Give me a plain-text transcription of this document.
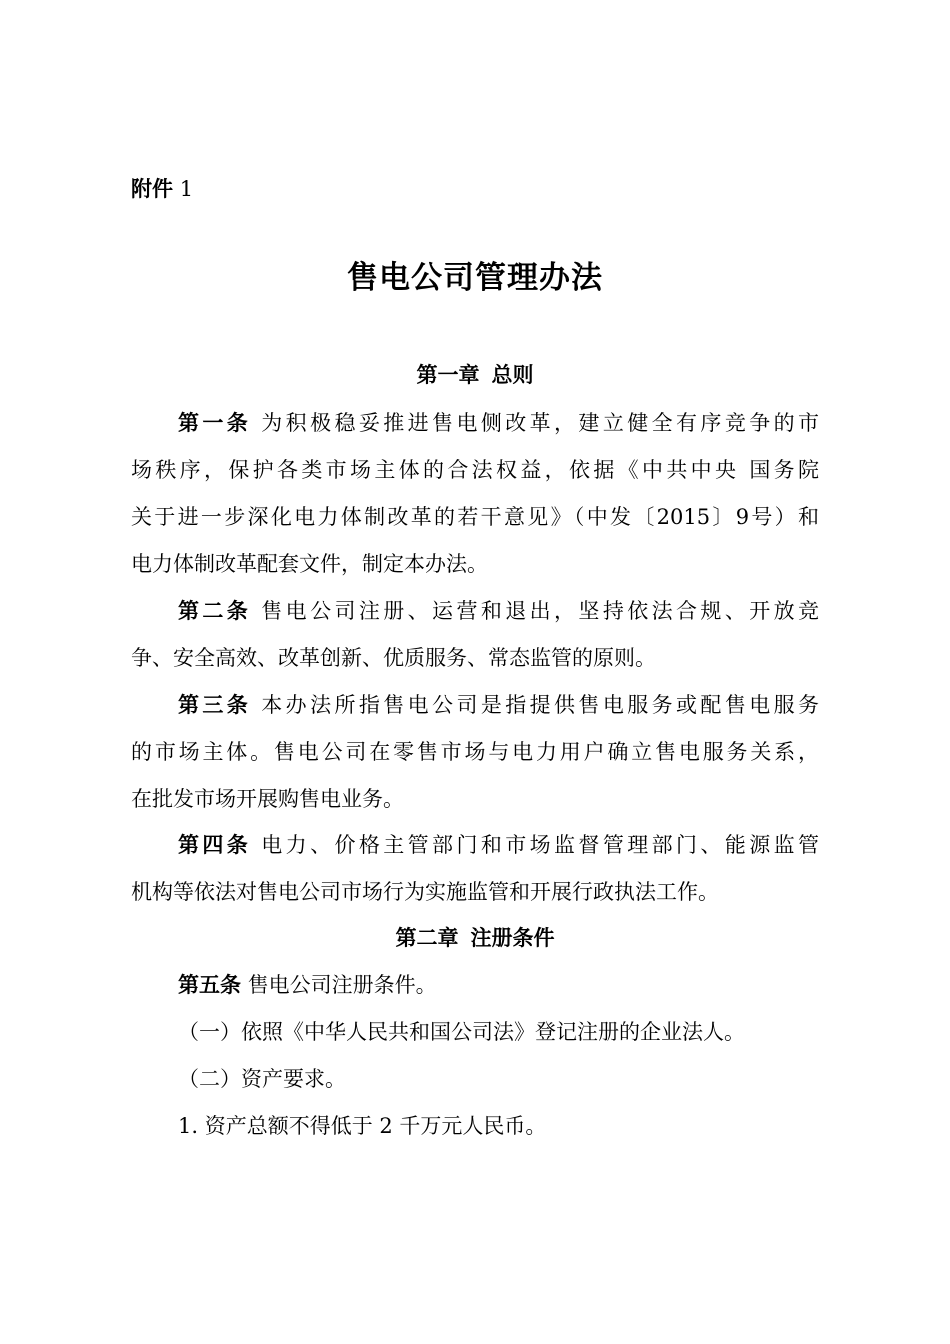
附件 1
售电公司管理办法
第一章 总则
第一条 为积极稳妥推进售电侧改革，建立健全有序竞争的市
场秩序，保护各类市场主体的合法权益，依据《中共中央 国务院
关于进一步深化电力体制改革的若干意见》（中发〔2015〕9号）和
电力体制改革配套文件，制定本办法。
第二条 售电公司注册、运营和退出，坚持依法合规、开放竞
争、安全高效、改革创新、优质服务、常态监管的原则。
第三条 本办法所指售电公司是指提供售电服务或配售电服务
的市场主体。售电公司在零售市场与电力用户确立售电服务关系，
在批发市场开展购售电业务。
第四条 电力、价格主管部门和市场监督管理部门、能源监管
机构等依法对售电公司市场行为实施监管和开展行政执法工作。
第二章 注册条件
第五条 售电公司注册条件。
（一）依照《中华人民共和国公司法》登记注册的企业法人。
（二）资产要求。
1. 资产总额不得低于 2 千万元人民币。
